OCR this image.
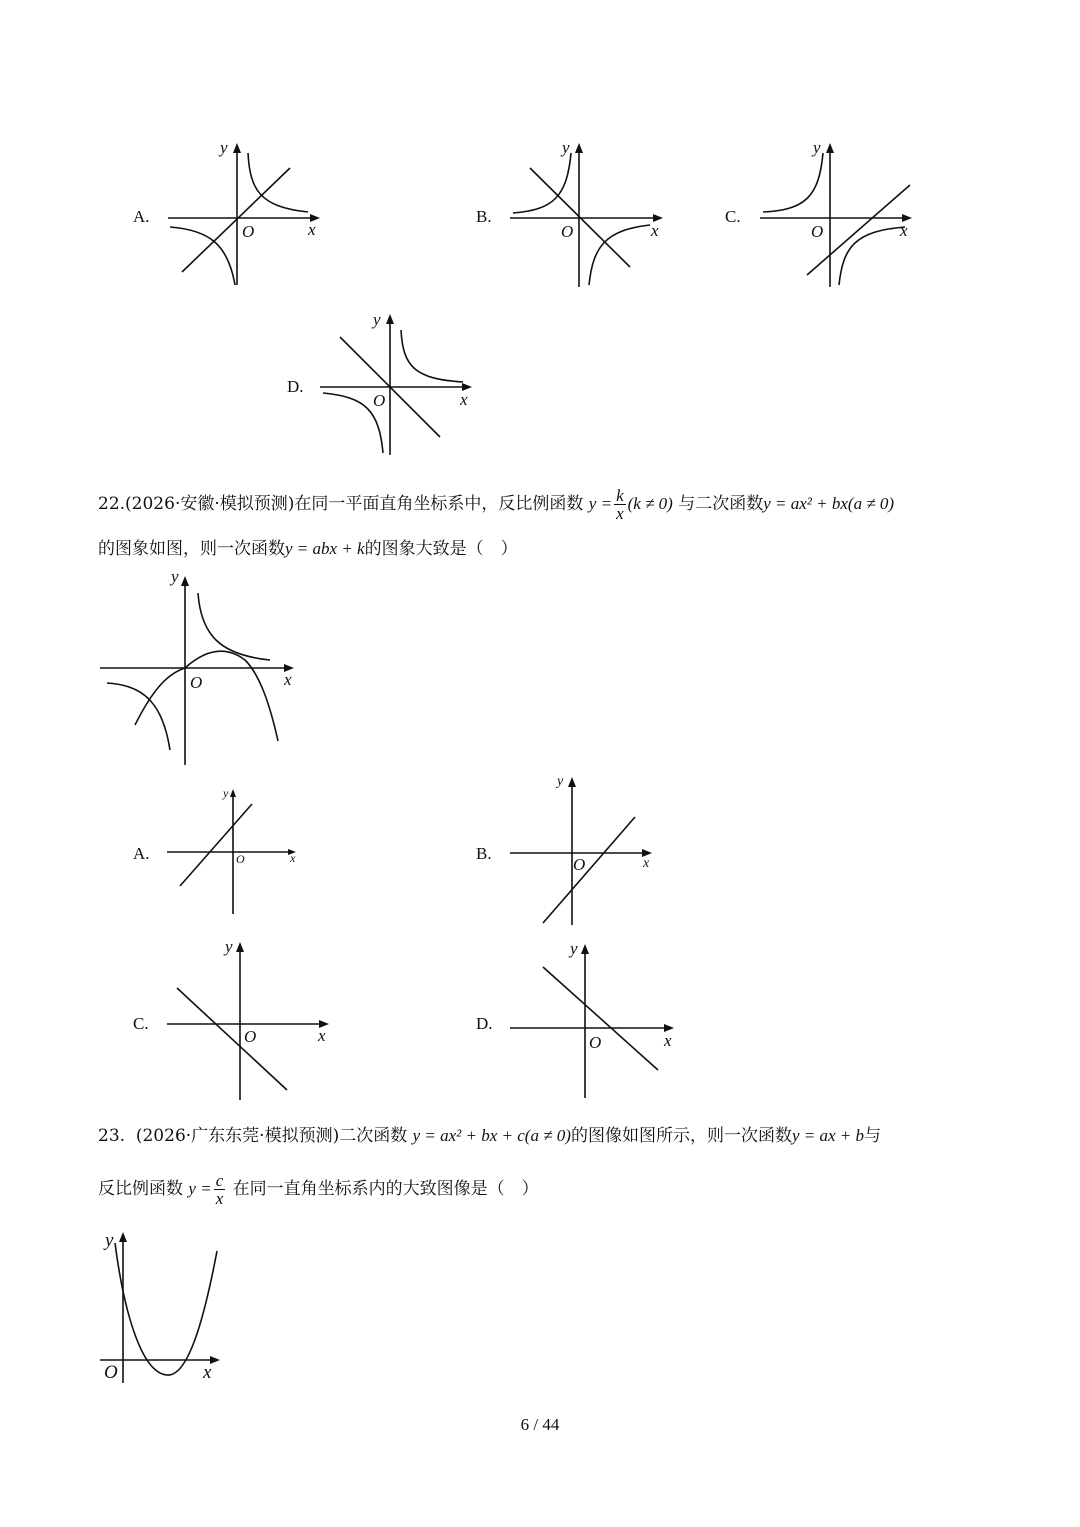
A.
y
x
O
B.
y
x
O
C.
y
x
O
D.
y
x
O
22.(2026·安徽·模拟预测)在同一平面直角坐标系中，反比例函数 $y = \frac{k}{x} (k \ne 0)$ 与二次函数y = ax² + bx(a ≠ 0)
的图象如图，则一次函数y = abx + k的图象大致是（　）
y
x
O
A.
y
x
O	B.
y
x
O
C.
y
x
O
D.
y
x
O
23. (2026·广东东莞·模拟预测)二次函数 y = ax² + bx + c(a ≠ 0)的图像如图所示，则一次函数y = ax + b与
反比例函数 $y = \frac{c}{x}$ 在同一直角坐标系内的大致图像是（　）
y
x
O
6 / 44
